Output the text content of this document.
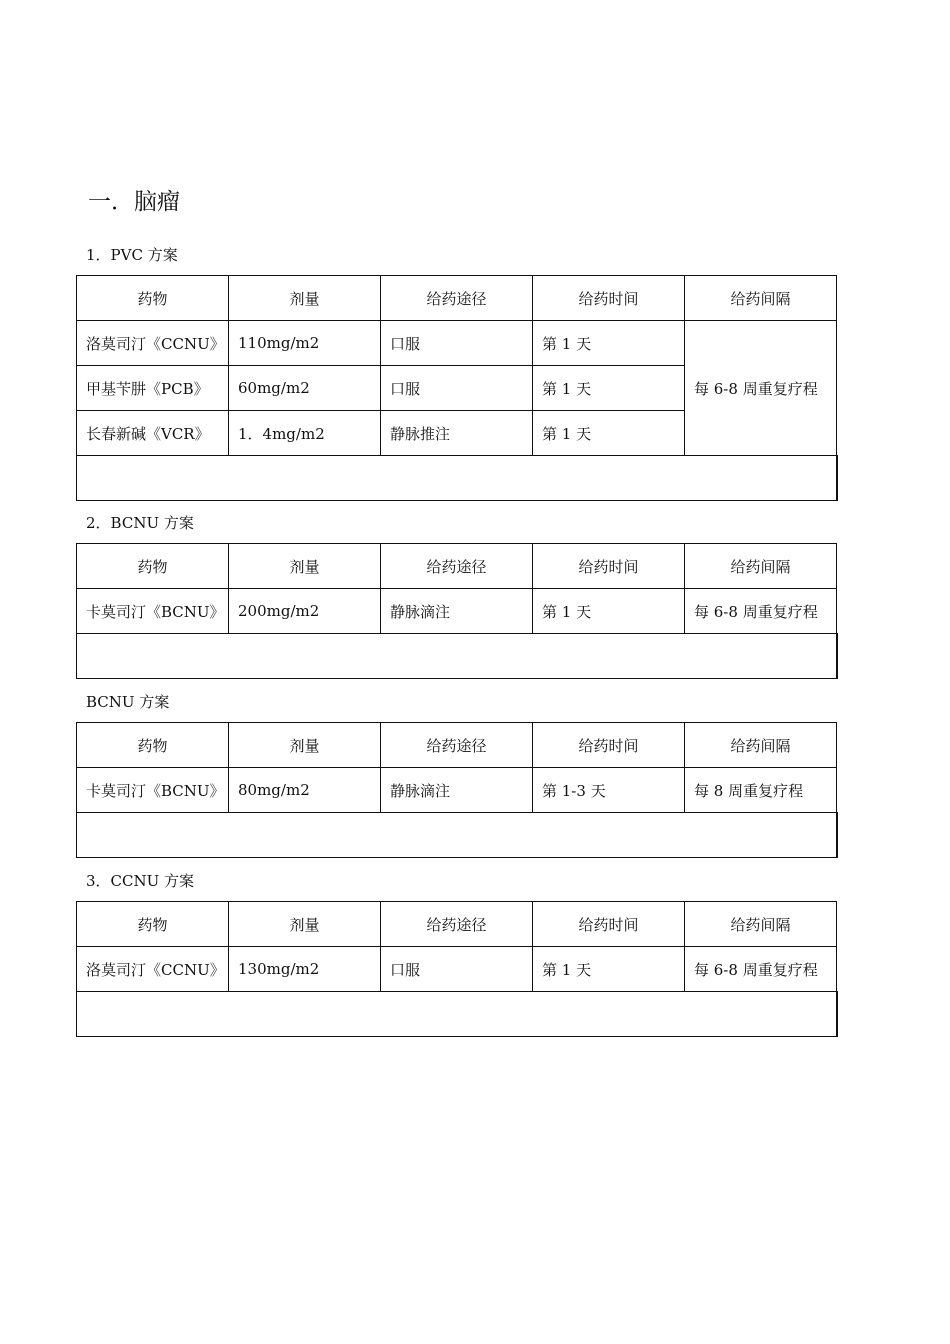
一．脑瘤
1．PVC 方案
药物	剂量	给药途径	给药时间	给药间隔
洛莫司汀《CCNU》	110mg/m2	口服	第 1 天	每 6-8 周重复疗程
甲基苄肼《PCB》	60mg/m2	口服	第 1 天	
长春新碱《VCR》	1．4mg/m2	静脉推注	第 1 天	

2．BCNU 方案
药物	剂量	给药途径	给药时间	给药间隔
卡莫司汀《BCNU》	200mg/m2	静脉滴注	第 1 天	每 6-8 周重复疗程

BCNU 方案
药物	剂量	给药途径	给药时间	给药间隔
卡莫司汀《BCNU》	80mg/m2	静脉滴注	第 1-3 天	每 8 周重复疗程

3．CCNU 方案
药物	剂量	给药途径	给药时间	给药间隔
洛莫司汀《CCNU》	130mg/m2	口服	第 1 天	每 6-8 周重复疗程
